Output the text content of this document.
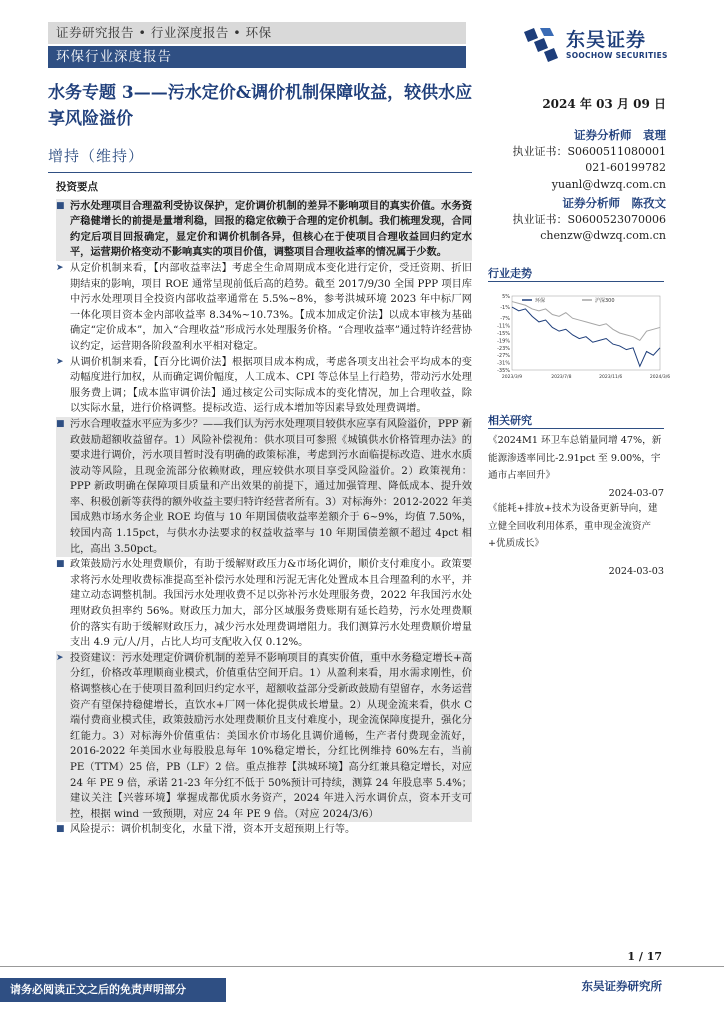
证券研究报告 • 行业深度报告 • 环保
环保行业深度报告
东吴证券
SOOCHOW SECURITIES
水务专题 3——污水定价&调价机制保障收益，较供水应享风险溢价
2024 年 03 月 09 日
增持（维持）
证券分析师　袁理
执业证书：S0600511080001
021-60199782
yuanl@dwzq.com.cn
证券分析师　陈孜文
执业证书：S0600523070006
chenzw@dwzq.com.cn
投资要点

■ 污水处理项目合理盈利受协议保护，定价调价机制的差异不影响项目的真实价值。水务资产稳健增长的前提是量增利稳，回报的稳定依赖于合理的定价机制。我们梳理发现，合同约定后项目回报确定，显定价和调价机制各异，但核心在于使项目合理收益回归约定水平，运营期价格变动不影响真实的项目价值，调整项目合理收益率的情况属于少数。

➤ 从定价机制来看，【内部收益率法】考虑全生命周期成本变化进行定价，受迁资期、折旧期结束的影响，项目 ROE 通常呈现前低后高的趋势。截至 2017/9/30 全国 PPP 项目库中污水处理项目全投资内部收益率通常在 5.5%~8%，参考洪城环境 2023 年中标厂网一体化项目资本金内部收益率 8.34%~10.73%。【成本加成定价法】以成本审核为基础确定“定价成本”，加入“合理收益”形成污水处理服务价格。“合理收益率”通过特许经营协议约定，运营期各阶段盈利水平相对稳定。

➤ 从调价机制来看，【百分比调价法】根据项目成本构成，考虑各项支出社会平均成本的变动幅度进行加权，从而确定调价幅度，人工成本、CPI 等总体呈上行趋势，带动污水处理服务费上调；【成本监审调价法】通过核定公司实际成本的变化情况，加上合理收益，除以实际水量，进行价格调整。提标改造、运行成本增加等因素导致处理费调增。

■ 污水合理收益水平应为多少？——我们认为污水处理项目较供水应享有风险溢价，PPP 新政鼓励超额收益留存。1）风险补偿视角：供水项目可参照《城镇供水价格管理办法》的要求进行调价，污水项目暂时没有明确的政策标准，考虑到污水面临提标改造、进水水质波动等风险，且现金流部分依赖财政，理应较供水项目享受风险溢价。2）政策视角：PPP 新政明确在保障项目质量和产出效果的前提下，通过加强管理、降低成本、提升效率、积极创新等获得的额外收益主要归特许经营者所有。3）对标海外：2012-2022 年美国成熟市场水务企业 ROE 均值与 10 年期国债收益率差额介于 6~9%，均值 7.50%，较国内高 1.15pct，与供水办法要求的权益收益率与 10 年期国债差额不超过 4pct 相比，高出 3.50pct。

■ 政策鼓励污水处理费顺价，有助于缓解财政压力&市场化调价，顺价支付难度小。政策要求将污水处理收费标准提高至补偿污水处理和污泥无害化处置成本且合理盈利的水平，并建立动态调整机制。我国污水处理收费不足以弥补污水处理服务费，2022 年我国污水处理财政负担率约 56%。财政压力加大，部分区域服务费账期有延长趋势，污水处理费顺价的落实有助于缓解财政压力，减少污水处理费调增阻力。我们测算污水处理费顺价增量支出 4.9 元/人/月，占比人均可支配收入仅 0.12%。

➤ 投资建议：污水处理定价调价机制的差异不影响项目的真实价值，重中水务稳定增长+高分红，价格改革理顺商业模式，价值重估空间开启。1）从盈利来看，用水需求刚性，价格调整核心在于使项目盈利回归约定水平，超额收益部分受新政鼓励有望留存，水务运营资产有望保持稳健增长，直饮水+厂网一体化提供成长增量。2）从现金流来看，供水 C 端付费商业模式佳，政策鼓励污水处理费顺价且支付难度小，现金流保障度提升，强化分红能力。3）对标海外价值重估：美国水价市场化且调价通畅，生产者付费现金流好，2016-2022 年美国水业每股股息每年 10%稳定增长，分红比例维持 60%左右，当前 PE（TTM）25 倍，PB（LF）2 倍。重点推荐【洪城环境】高分红兼具稳定增长，对应 24 年 PE 9 倍，承诺 21-23 年分红不低于 50%预计可持续，测算 24 年股息率 5.4%；建议关注【兴蓉环境】掌握成都优质水务资产，2024 年进入污水调价点，资本开支可控，根据 wind 一致预期，对应 24 年 PE 9 倍。（对应 2024/3/6）

■ 风险提示：调价机制变化，水量下滑，资本开支超预期上行等。

行业走势
5%
-1%
-7%
-11%
-15%
-19%
-23%
-27%
-31%
-35%
2023/3/9	2023/7/8	2023/11/6	2024/3/6
环保	沪深300
相关研究
《2024M1 环卫车总销量同增 47%，新能源渗透率同比-2.91pct 至 9.00%，宇通市占率回升》
2024-03-07
《能耗+排放+技术为设备更新导向，建立健全回收利用体系，重申现金流资产+优质成长》
2024-03-03
1 / 17
请务必阅读正文之后的免责声明部分	东吴证券研究所
